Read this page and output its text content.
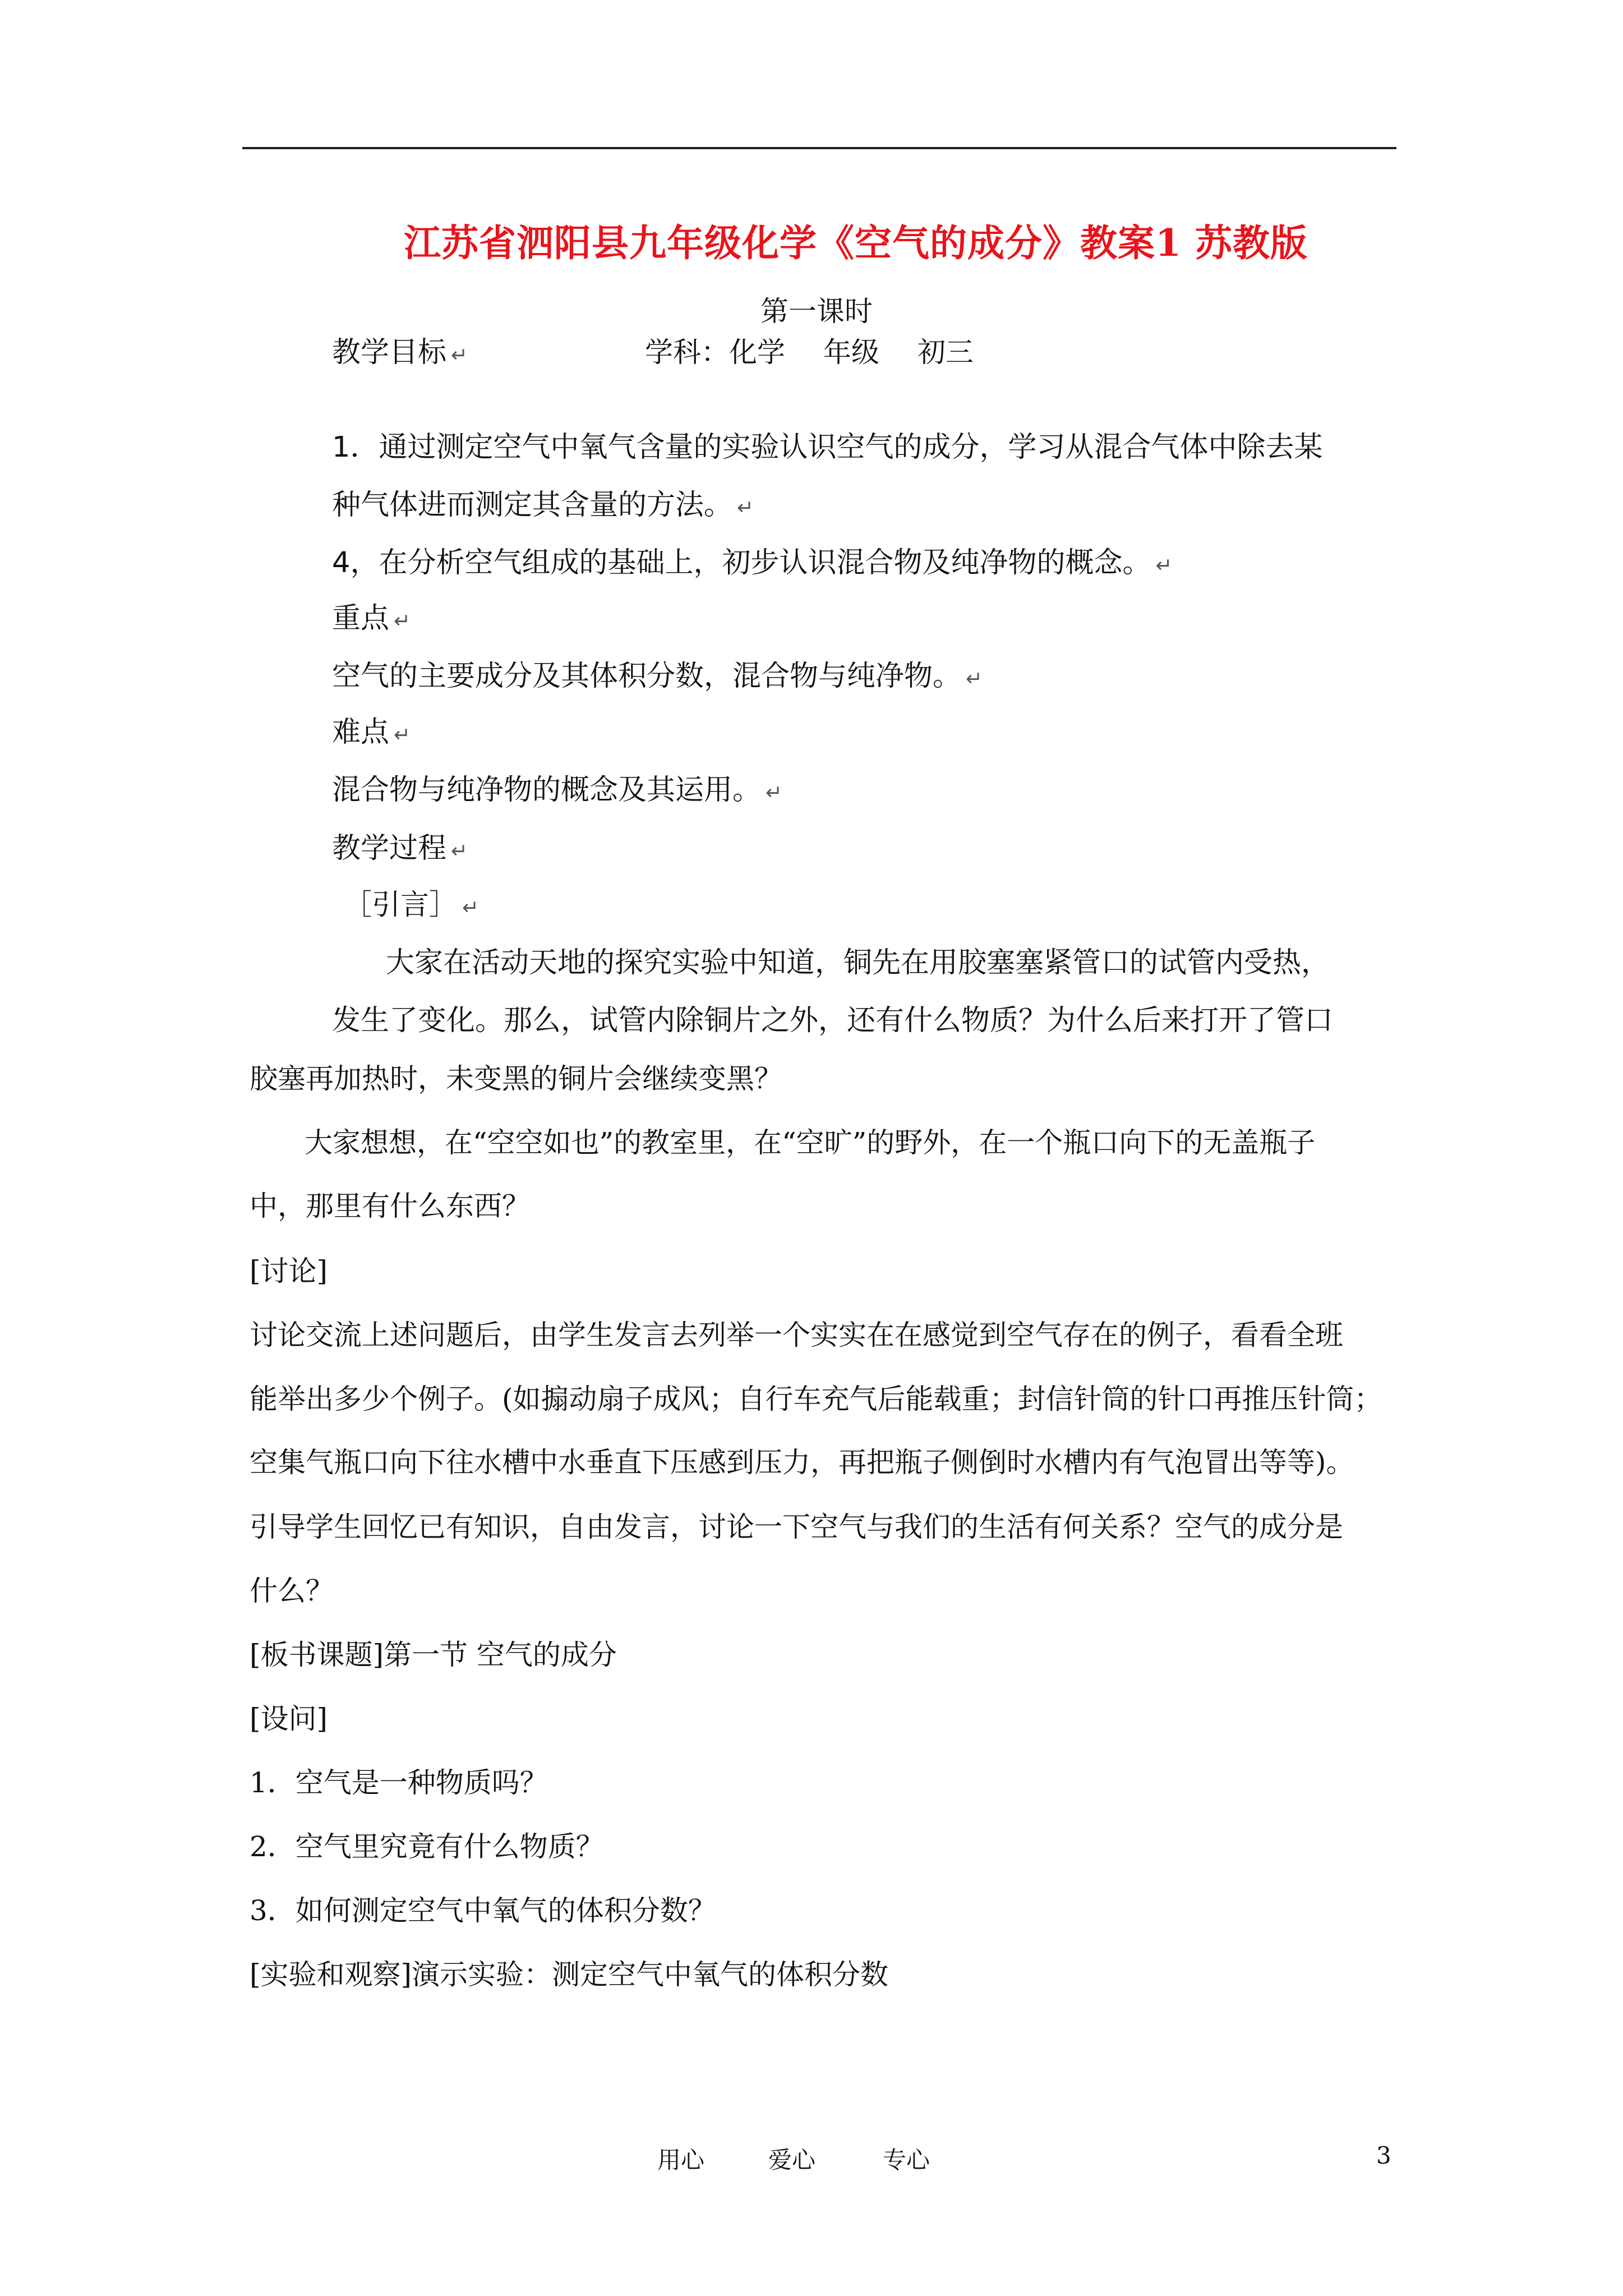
江苏省泗阳县九年级化学《空气的成分》教案1 苏教版
第一课时
学科：化学 年级 初三
教学目标 ↵
1．通过测定空气中氧气含量的实验认识空气的成分，学习从混合气体中除去某
种气体进而测定其含量的方法。 ↵
4，在分析空气组成的基础上，初步认识混合物及纯净物的概念。 ↵
重点 ↵
空气的主要成分及其体积分数，混合物与纯净物。 ↵
难点 ↵
混合物与纯净物的概念及其运用。 ↵
教学过程 ↵
［引言］ ↵
大家在活动天地的探究实验中知道，铜先在用胶塞塞紧管口的试管内受热，
发生了变化。那么，试管内除铜片之外，还有什么物质？为什么后来打开了管口
胶塞再加热时，未变黑的铜片会继续变黑？
大家想想，在“空空如也”的教室里，在“空旷”的野外，在一个瓶口向下的无盖瓶子
中，那里有什么东西？
[讨论]
讨论交流上述问题后，由学生发言去列举一个实实在在感觉到空气存在的例子，看看全班
能举出多少个例子。(如搧动扇子成风；自行车充气后能载重；封信针筒的针口再推压针筒；
空集气瓶口向下往水槽中水垂直下压感到压力，再把瓶子侧倒时水槽内有气泡冒出等等)。
引导学生回忆已有知识，自由发言，讨论一下空气与我们的生活有何关系？空气的成分是
什么？
[板书课题]第一节 空气的成分
[设问]
1．空气是一种物质吗？
2．空气里究竟有什么物质？
3．如何测定空气中氧气的体积分数？
[实验和观察]演示实验：测定空气中氧气的体积分数
用心	爱心	专心	3
